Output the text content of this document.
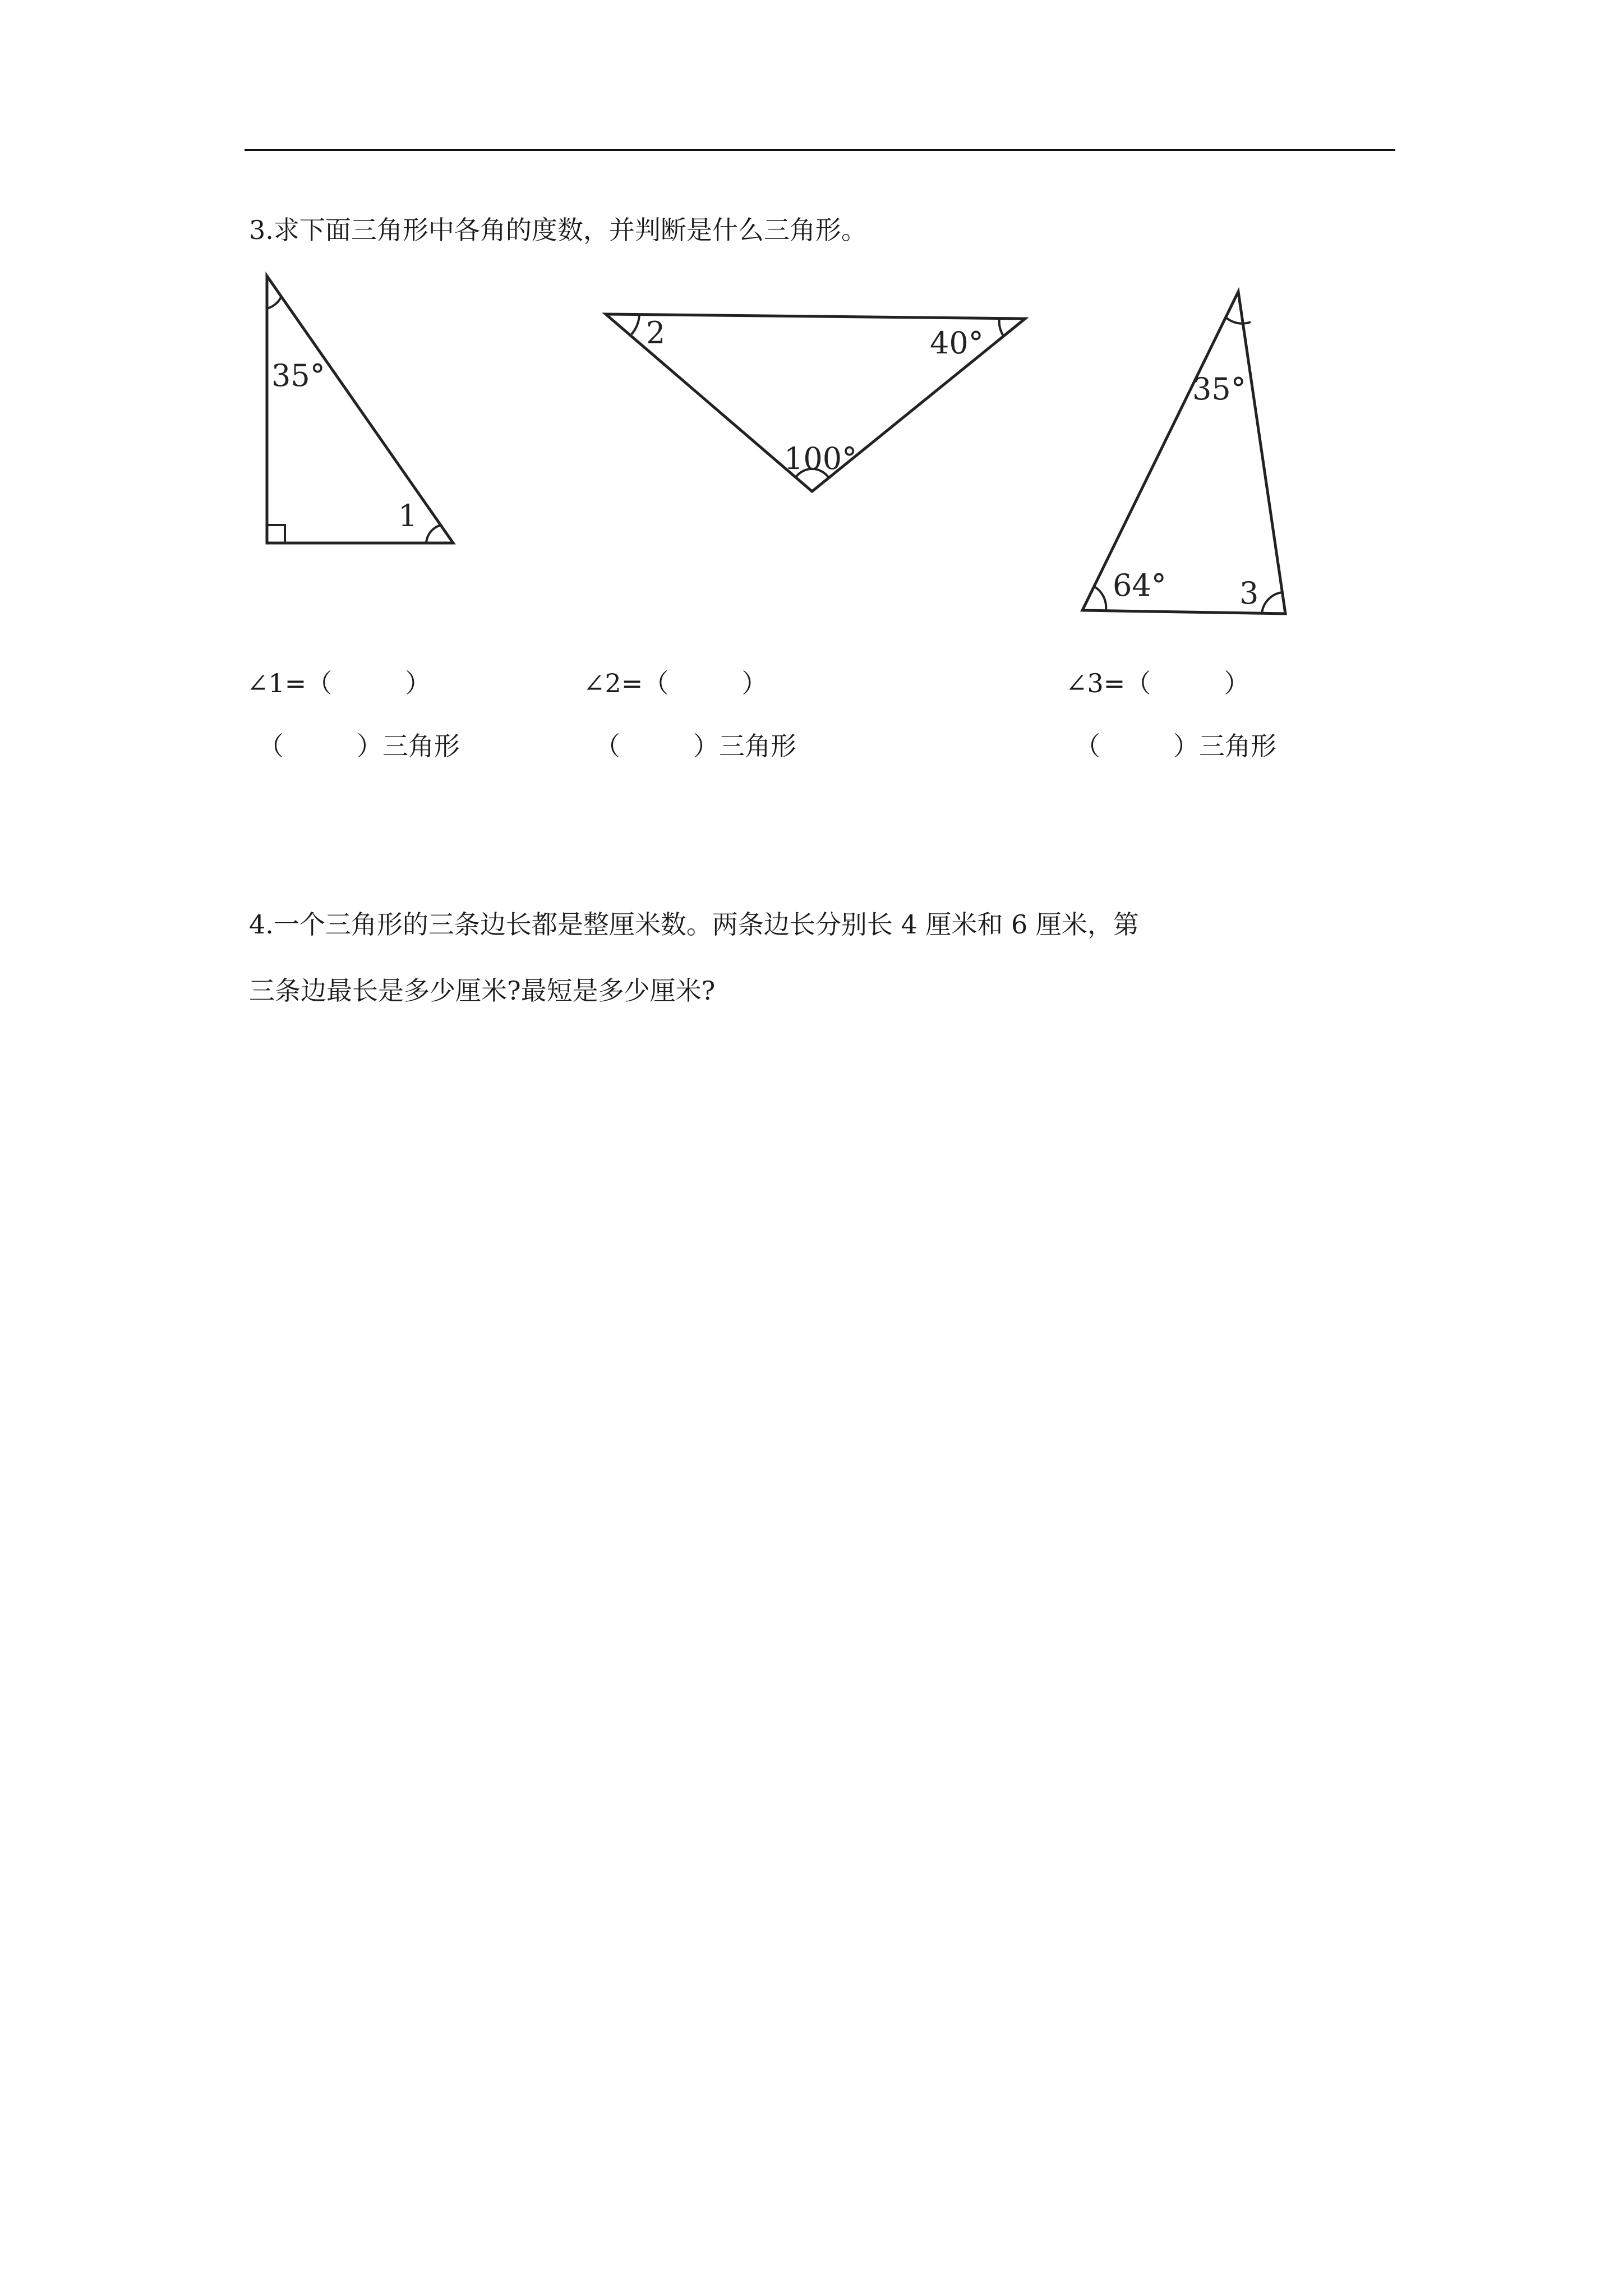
3.求下面三角形中各角的度数，并判断是什么三角形。
35°
1
2	40°
100°
35°
64° 3
∠1=（	）	∠2=（	）	∠3=（	）
（	）三角形	（	）三角形	（	）三角形
4.一个三角形的三条边长都是整厘米数。两条边长分别长 4 厘米和 6 厘米，第
三条边最长是多少厘米?最短是多少厘米?
